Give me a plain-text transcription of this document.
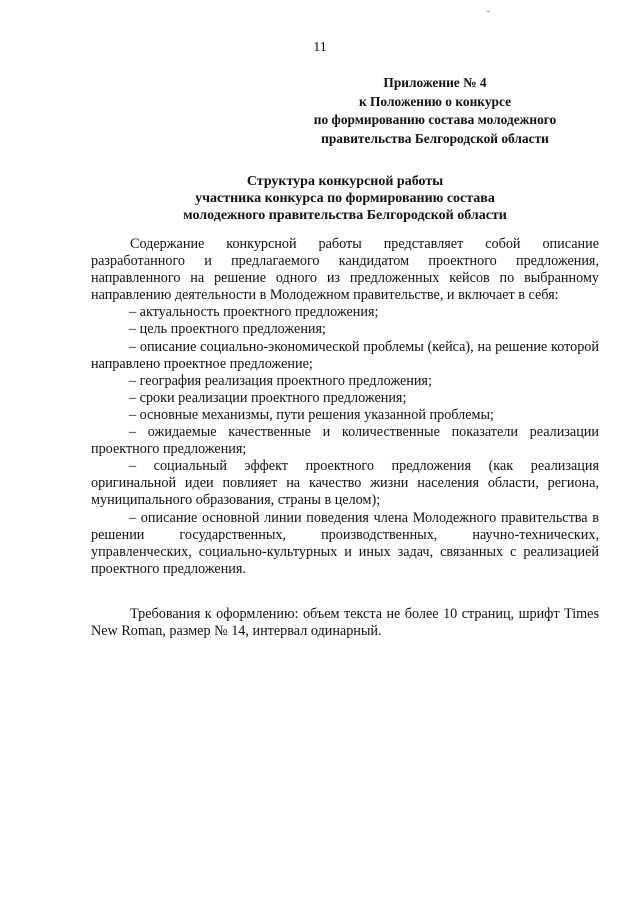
11
Приложение № 4
к Положению о конкурсе
по формированию состава молодежного
правительства Белгородской области
Структура конкурсной работы
участника конкурса по формированию состава
молодежного правительства Белгородской области

Содержание конкурсной работы представляет собой описание разработанного и предлагаемого кандидатом проектного предложения, направленного на решение одного из предложенных кейсов по выбранному направлению деятельности в Молодежном правительстве, и включает в себя:

– актуальность проектного предложения;

– цель проектного предложения;

– описание социально-экономической проблемы (кейса), на решение которой направлено проектное предложение;

– география реализация проектного предложения;

– сроки реализации проектного предложения;

– основные механизмы, пути решения указанной проблемы;

– ожидаемые качественные и количественные показатели реализации проектного предложения;

– социальный эффект проектного предложения (как реализация оригинальной идеи повлияет на качество жизни населения области, региона, муниципального образования, страны в целом);

– описание основной линии поведения члена Молодежного правительства в решении государственных, производственных, научно-технических, управленческих, социально-культурных и иных задач, связанных с реализацией проектного предложения.

Требования к оформлению: объем текста не более 10 страниц, шрифт Times New Roman, размер № 14, интервал одинарный.
